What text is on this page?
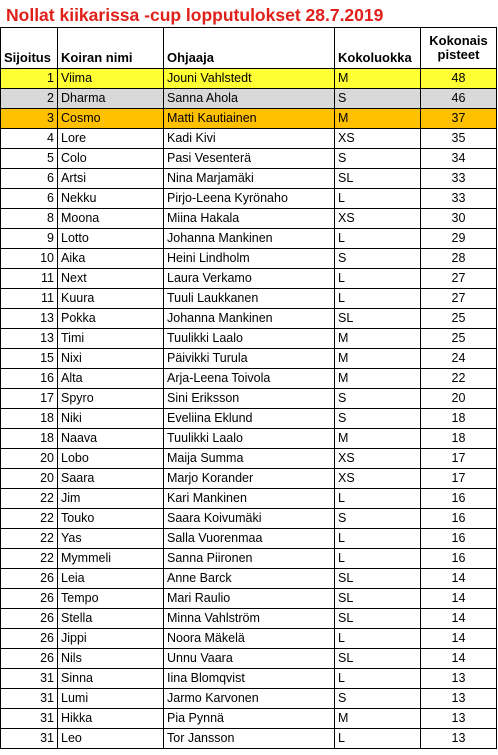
Nollat kiikarissa -cup lopputulokset 28.7.2019
Sijoitus	Koiran nimi	Ohjaaja	Kokoluokka	Kokonais
pisteet
1	Viima	Jouni Vahlstedt	M	48
2	Dharma	Sanna Ahola	S	46
3	Cosmo	Matti Kautiainen	M	37
4	Lore	Kadi Kivi	XS	35
5	Colo	Pasi Vesenterä	S	34
6	Artsi	Nina Marjamäki	SL	33
6	Nekku	Pirjo-Leena Kyrönaho	L	33
8	Moona	Miina Hakala	XS	30
9	Lotto	Johanna Mankinen	L	29
10	Aika	Heini Lindholm	S	28
11	Next	Laura Verkamo	L	27
11	Kuura	Tuuli Laukkanen	L	27
13	Pokka	Johanna Mankinen	SL	25
13	Timi	Tuulikki Laalo	M	25
15	Nixi	Päivikki Turula	M	24
16	Alta	Arja-Leena Toivola	M	22
17	Spyro	Sini Eriksson	S	20
18	Niki	Eveliina Eklund	S	18
18	Naava	Tuulikki Laalo	M	18
20	Lobo	Maija Summa	XS	17
20	Saara	Marjo Korander	XS	17
22	Jim	Kari Mankinen	L	16
22	Touko	Saara Koivumäki	S	16
22	Yas	Salla Vuorenmaa	L	16
22	Mymmeli	Sanna Piironen	L	16
26	Leia	Anne Barck	SL	14
26	Tempo	Mari Raulio	SL	14
26	Stella	Minna Vahlström	SL	14
26	Jippi	Noora Mäkelä	L	14
26	Nils	Unnu Vaara	SL	14
31	Sinna	Iina Blomqvist	L	13
31	Lumi	Jarmo Karvonen	S	13
31	Hikka	Pia Pynnä	M	13
31	Leo	Tor Jansson	L	13
